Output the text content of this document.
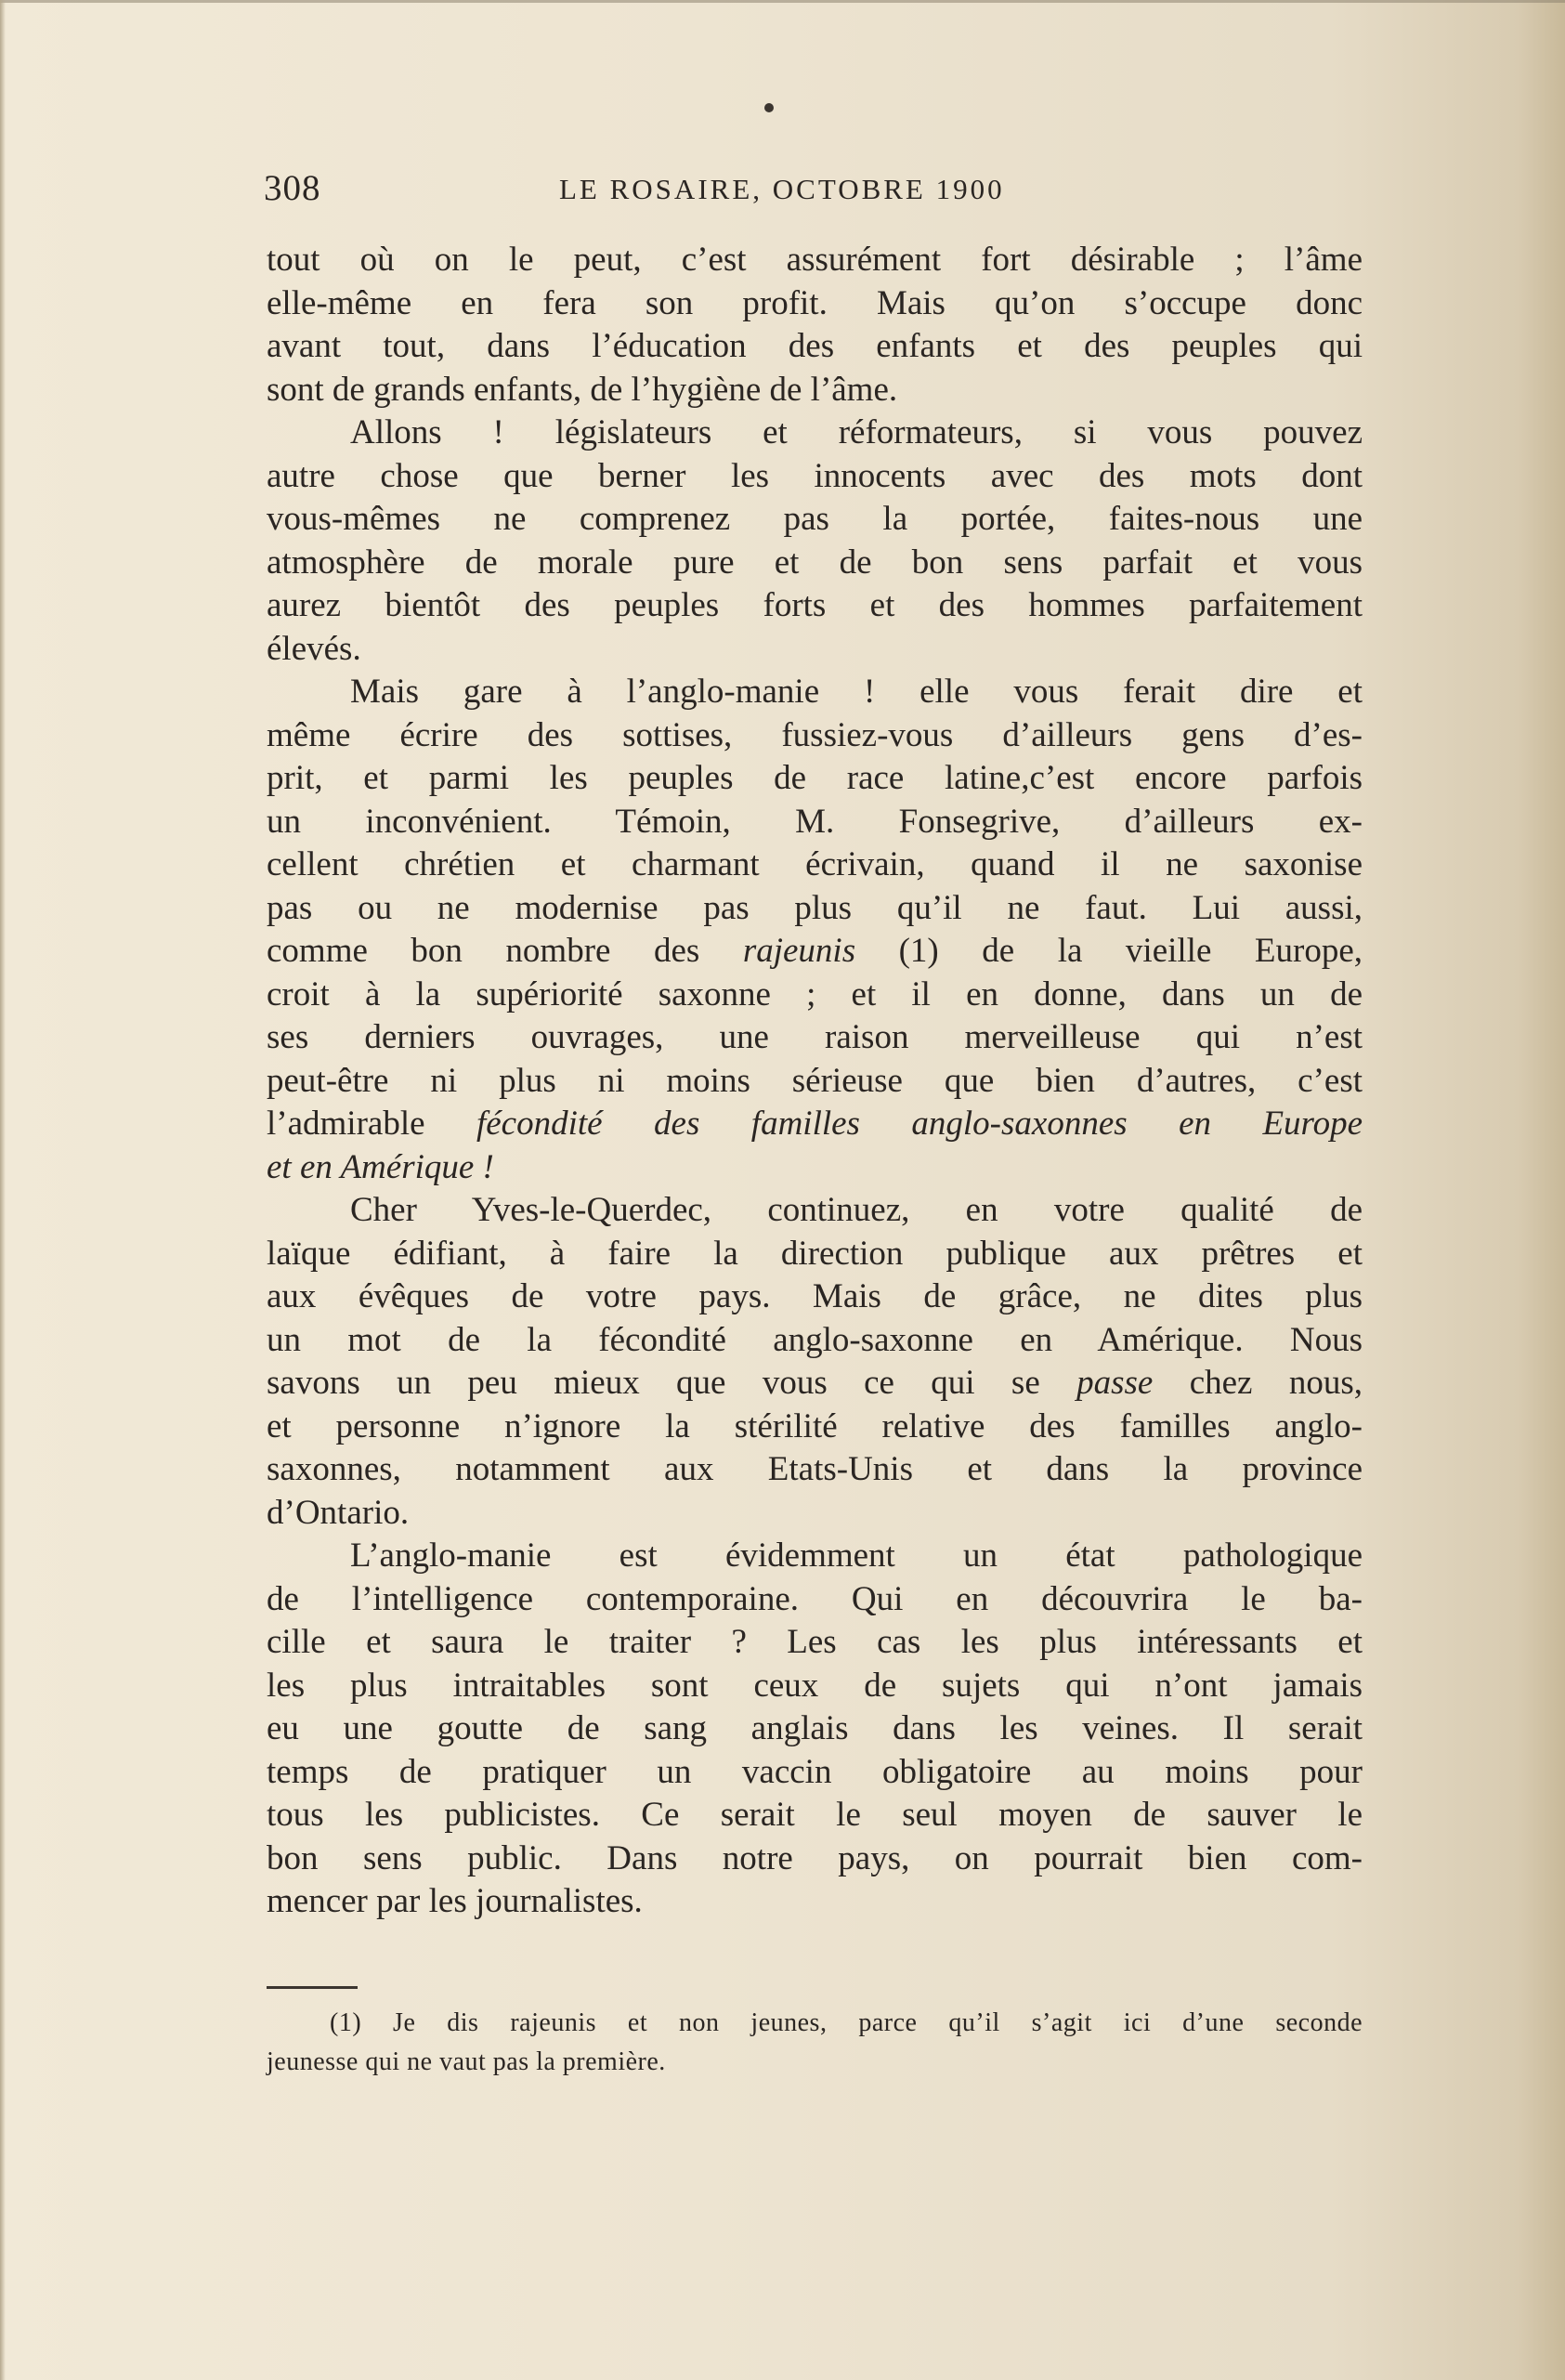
308	LE ROSAIRE, OCTOBRE 1900
tout où on le peut, c’est assurément fort désirable ; l’âme
elle-même en fera son profit. Mais qu’on s’occupe donc
avant tout, dans l’éducation des enfants et des peuples qui
sont de grands enfants, de l’hygiène de l’âme.
Allons ! législateurs et réformateurs, si vous pouvez
autre chose que berner les innocents avec des mots dont
vous-mêmes ne comprenez pas la portée, faites-nous une
atmosphère de morale pure et de bon sens parfait et vous
aurez bientôt des peuples forts et des hommes parfaitement
élevés.
Mais gare à l’anglo-manie ! elle vous ferait dire et
même écrire des sottises, fussiez-vous d’ailleurs gens d’es-
prit, et parmi les peuples de race latine,c’est encore parfois
un inconvénient. Témoin, M. Fonsegrive, d’ailleurs ex-
cellent chrétien et charmant écrivain, quand il ne saxonise
pas ou ne modernise pas plus qu’il ne faut. Lui aussi,
comme bon nombre des rajeunis (1) de la vieille Europe,
croit à la supériorité saxonne ; et il en donne, dans un de
ses derniers ouvrages, une raison merveilleuse qui n’est
peut-être ni plus ni moins sérieuse que bien d’autres, c’est
l’admirable fécondité des familles anglo-saxonnes en Europe
et en Amérique !
Cher Yves-le-Querdec, continuez, en votre qualité de
laïque édifiant, à faire la direction publique aux prêtres et
aux évêques de votre pays. Mais de grâce, ne dites plus
un mot de la fécondité anglo-saxonne en Amérique. Nous
savons un peu mieux que vous ce qui se passe chez nous,
et personne n’ignore la stérilité relative des familles anglo-
saxonnes, notamment aux Etats-Unis et dans la province
d’Ontario.
L’anglo-manie est évidemment un état pathologique
de l’intelligence contemporaine. Qui en découvrira le ba-
cille et saura le traiter ? Les cas les plus intéressants et
les plus intraitables sont ceux de sujets qui n’ont jamais
eu une goutte de sang anglais dans les veines. Il serait
temps de pratiquer un vaccin obligatoire au moins pour
tous les publicistes. Ce serait le seul moyen de sauver le
bon sens public. Dans notre pays, on pourrait bien com-
mencer par les journalistes.
(1) Je dis rajeunis et non jeunes, parce qu’il s’agit ici d’une seconde
jeunesse qui ne vaut pas la première.
